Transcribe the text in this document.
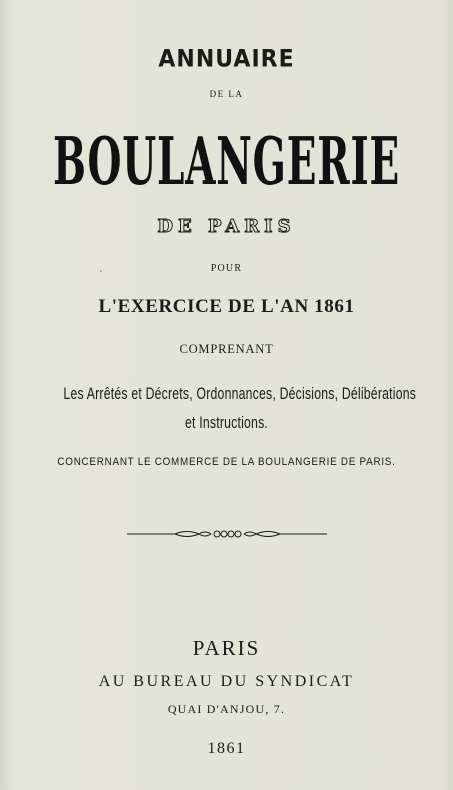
ANNUAIRE
DE LA
BOULANGERIE
DE PARIS
POUR
L'EXERCICE DE L'AN 1861
COMPRENANT
Les Arrêtés et Décrets, Ordonnances, Décisions, Délibérations
et Instructions.
CONCERNANT LE COMMERCE DE LA BOULANGERIE DE PARIS.
PARIS
AU BUREAU DU SYNDICAT
QUAI D'ANJOU, 7.
1861
